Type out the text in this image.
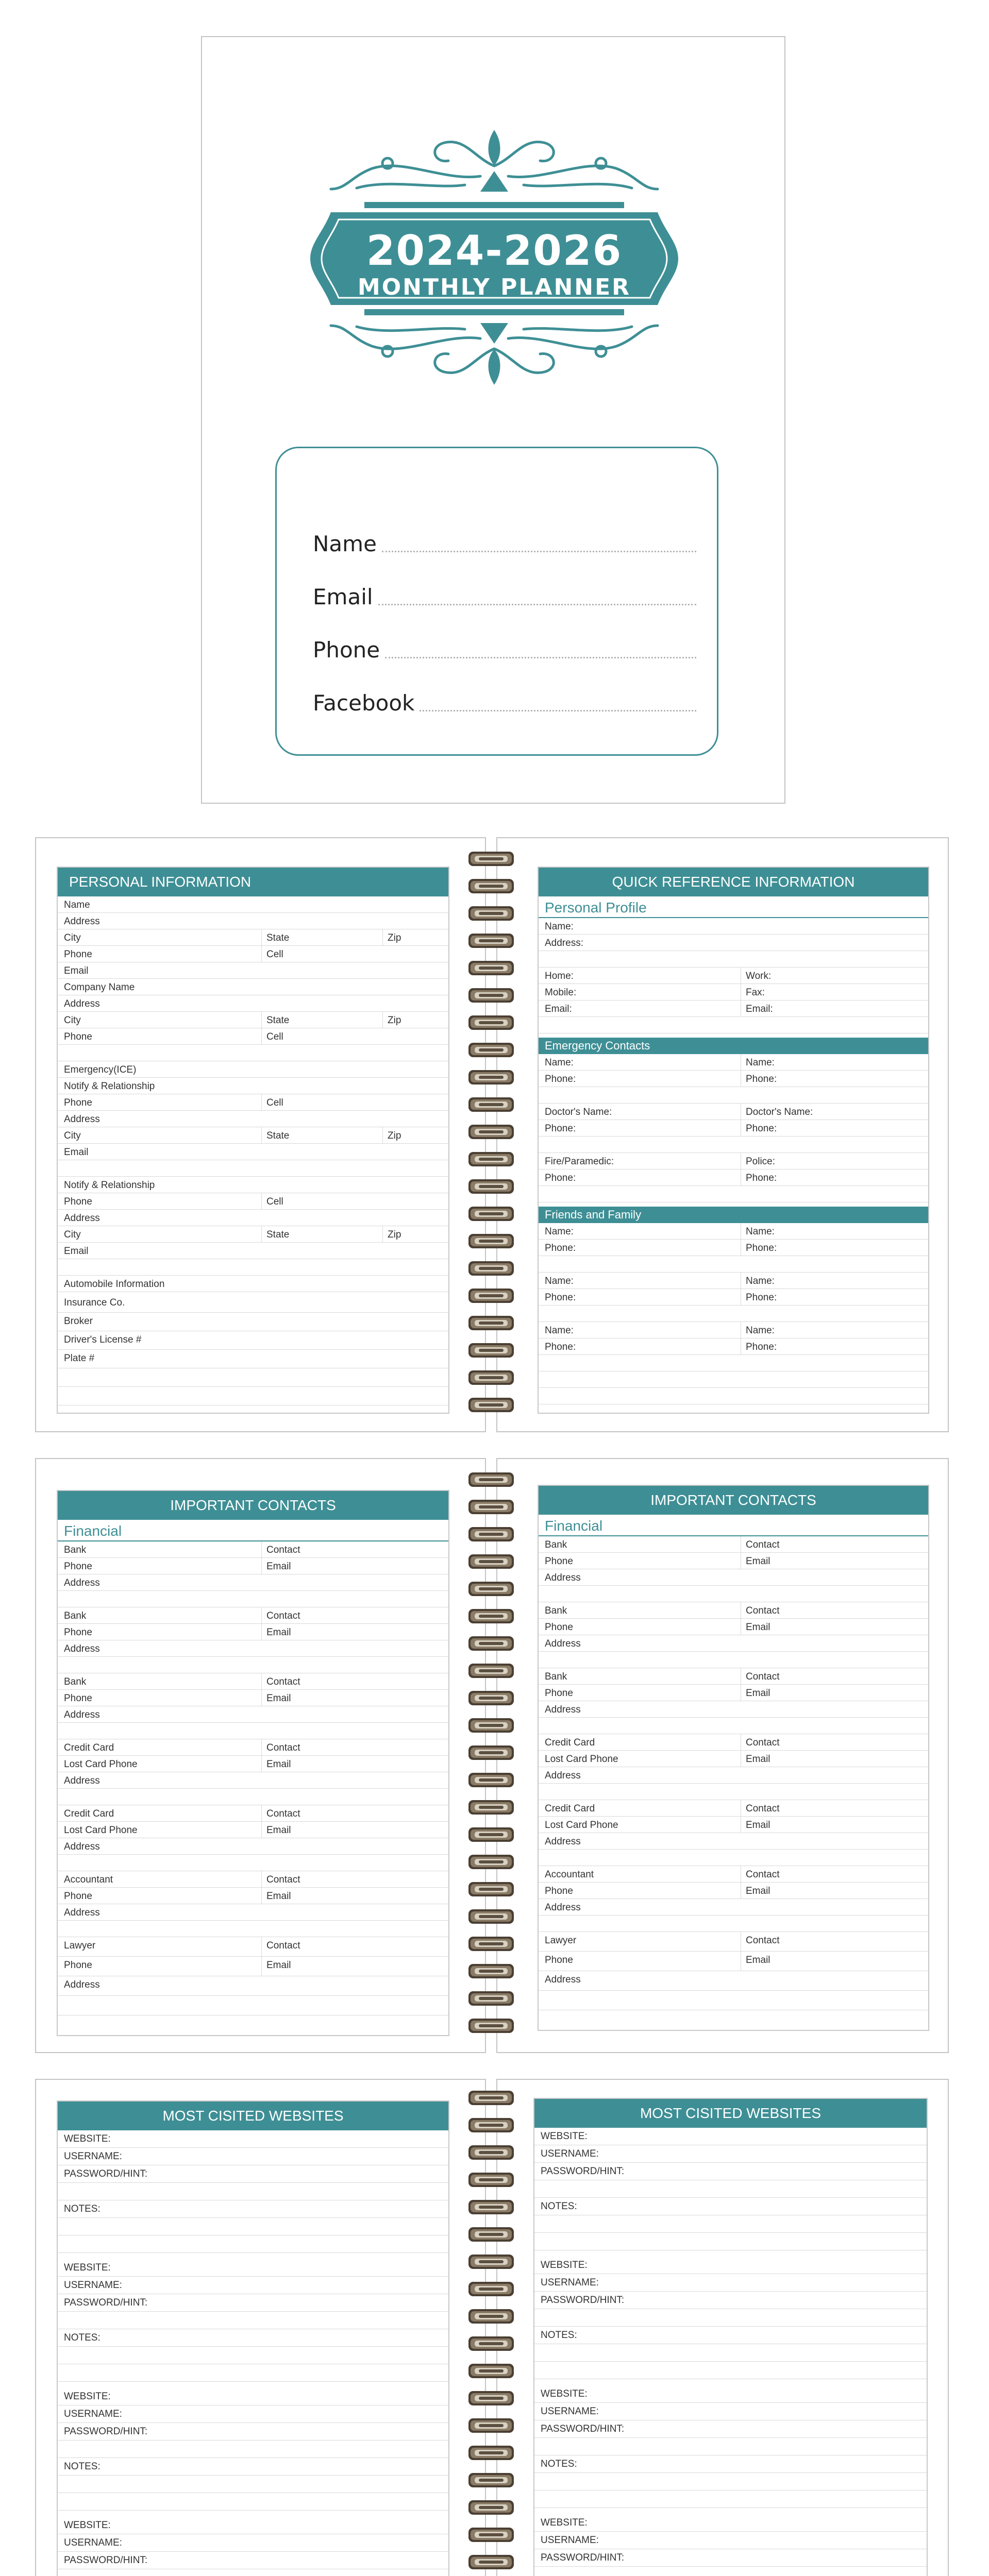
2024-2026
MONTHLY PLANNER
Name
Email
Phone
Facebook
PERSONAL INFORMATION
Name
Address
City	State	Zip
Phone	Cell
Email
Company Name
Address
City	State	Zip
Phone	Cell
Emergency(ICE)
Notify & Relationship
Phone	Cell
Address
City	State	Zip
Email
Notify & Relationship
Phone	Cell
Address
City	State	Zip
Email
Automobile Information
Insurance Co.
Broker
Driver's License #
Plate #
QUICK REFERENCE INFORMATION
Personal Profile
Name:
Address:
Home:	Work:
Mobile:	Fax:
Email:	Email:
Emergency Contacts
Name:	Name:
Phone:	Phone:
Doctor's Name:	Doctor's Name:
Phone:	Phone:
Fire/Paramedic:	Police:
Phone:	Phone:
Friends and Family
Name:	Name:
Phone:	Phone:
Name:	Name:
Phone:	Phone:
Name:	Name:
Phone:	Phone:
IMPORTANT CONTACTS
Financial
Bank	Contact
Phone	Email
Address
Bank	Contact
Phone	Email
Address
Bank	Contact
Phone	Email
Address
Credit Card	Contact
Lost Card Phone	Email
Address
Credit Card	Contact
Lost Card Phone	Email
Address
Accountant	Contact
Phone	Email
Address
Lawyer	Contact
Phone	Email
Address
IMPORTANT CONTACTS
Financial
Bank	Contact
Phone	Email
Address
Bank	Contact
Phone	Email
Address
Bank	Contact
Phone	Email
Address
Credit Card	Contact
Lost Card Phone	Email
Address
Credit Card	Contact
Lost Card Phone	Email
Address
Accountant	Contact
Phone	Email
Address
Lawyer	Contact
Phone	Email
Address
MOST CISITED WEBSITES
WEBSITE:
USERNAME:
PASSWORD/HINT:
NOTES:
WEBSITE:
USERNAME:
PASSWORD/HINT:
NOTES:
WEBSITE:
USERNAME:
PASSWORD/HINT:
NOTES:
WEBSITE:
USERNAME:
PASSWORD/HINT:
MOST CISITED WEBSITES
WEBSITE:
USERNAME:
PASSWORD/HINT:
NOTES:
WEBSITE:
USERNAME:
PASSWORD/HINT:
NOTES:
WEBSITE:
USERNAME:
PASSWORD/HINT:
NOTES:
WEBSITE:
USERNAME:
PASSWORD/HINT:
